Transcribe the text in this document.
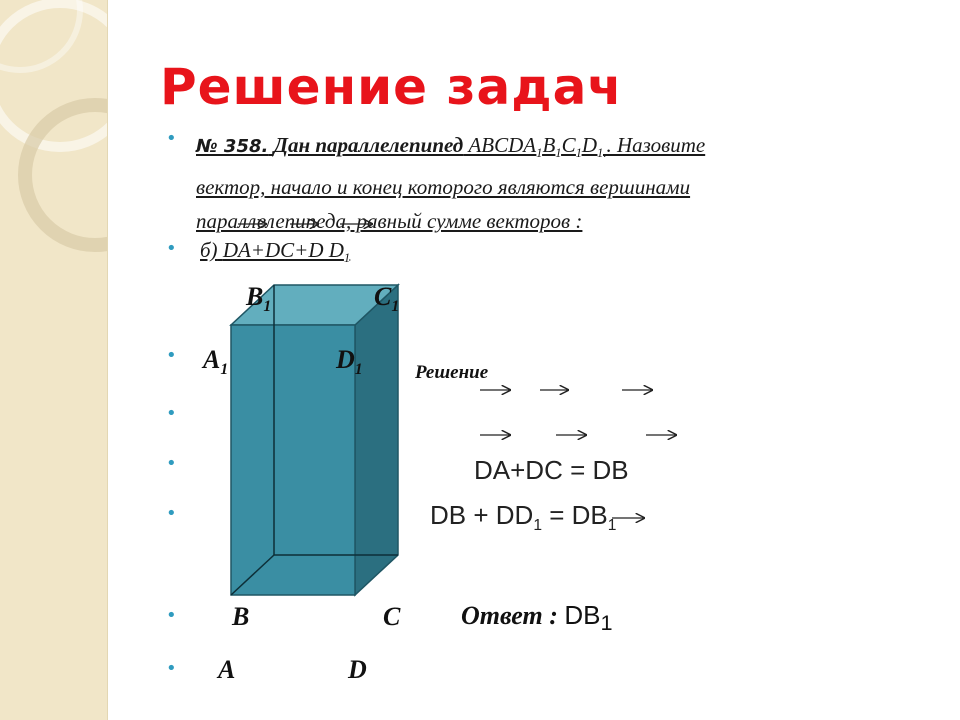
Решение задач
•
•
•
•
•
•
•
•
№ 358. Дан параллелепипед $ABCDA_1B_1C_1D_{1.}$. Назовите
вектор, начало и конец которого являются вершинами
параллелепипеда, равный сумме векторов :
б) DA+DC+D $D_1$
$B_1$	$C_1$
$A_1$	$D_1$
B	C
A	D
Решение
DA+DC = DB
DB + $DD_1 = DB_1$
Ответ : $DB_1$
